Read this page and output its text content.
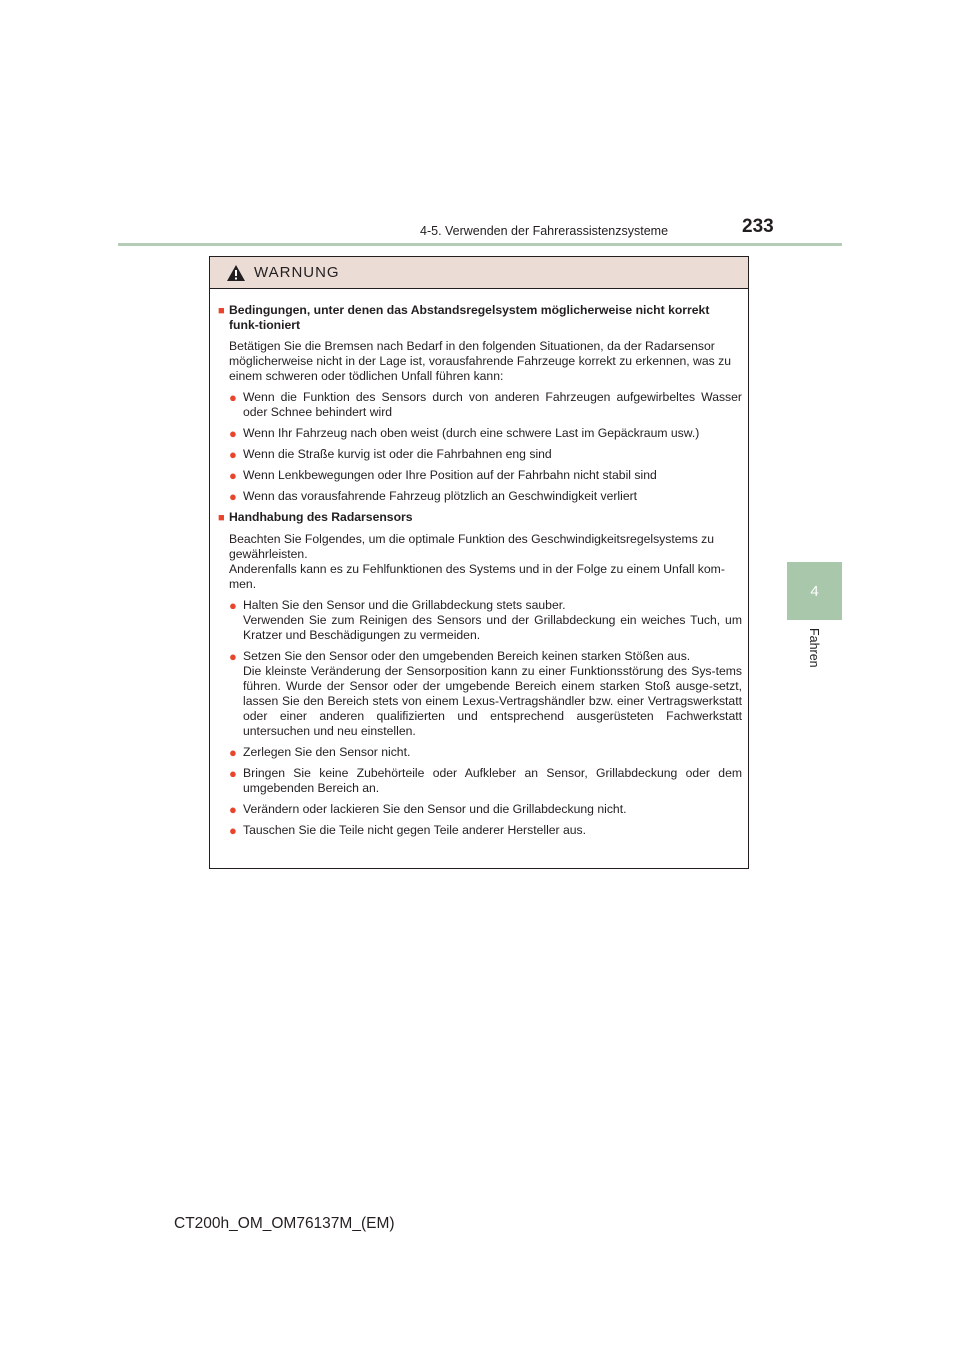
4-5. Verwenden der Fahrerassistenzsysteme	233
4
Fahren
WARNUNG
■ Bedingungen, unter denen das Abstandsregelsystem möglicherweise nicht korrekt funk-tioniert
Betätigen Sie die Bremsen nach Bedarf in den folgenden Situationen, da der Radarsensor möglicherweise nicht in der Lage ist, vorausfahrende Fahrzeuge korrekt zu erkennen, was zu einem schweren oder tödlichen Unfall führen kann:
● Wenn die Funktion des Sensors durch von anderen Fahrzeugen aufgewirbeltes Wasser oder Schnee behindert wird
● Wenn Ihr Fahrzeug nach oben weist (durch eine schwere Last im Gepäckraum usw.)
● Wenn die Straße kurvig ist oder die Fahrbahnen eng sind
● Wenn Lenkbewegungen oder Ihre Position auf der Fahrbahn nicht stabil sind
● Wenn das vorausfahrende Fahrzeug plötzlich an Geschwindigkeit verliert
■ Handhabung des Radarsensors
Beachten Sie Folgendes, um die optimale Funktion des Geschwindigkeitsregelsystems zu gewährleisten.
Anderenfalls kann es zu Fehlfunktionen des Systems und in der Folge zu einem Unfall kom-men.
● Halten Sie den Sensor und die Grillabdeckung stets sauber.
Verwenden Sie zum Reinigen des Sensors und der Grillabdeckung ein weiches Tuch, um Kratzer und Beschädigungen zu vermeiden.
● Setzen Sie den Sensor oder den umgebenden Bereich keinen starken Stößen aus.
Die kleinste Veränderung der Sensorposition kann zu einer Funktionsstörung des Sys-tems führen. Wurde der Sensor oder der umgebende Bereich einem starken Stoß ausge-setzt, lassen Sie den Bereich stets von einem Lexus-Vertragshändler bzw. einer Vertragswerkstatt oder einer anderen qualifizierten und entsprechend ausgerüsteten Fachwerkstatt untersuchen und neu einstellen.
● Zerlegen Sie den Sensor nicht.
● Bringen Sie keine Zubehörteile oder Aufkleber an Sensor, Grillabdeckung oder dem umgebenden Bereich an.
● Verändern oder lackieren Sie den Sensor und die Grillabdeckung nicht.
● Tauschen Sie die Teile nicht gegen Teile anderer Hersteller aus.
CT200h_OM_OM76137M_(EM)
